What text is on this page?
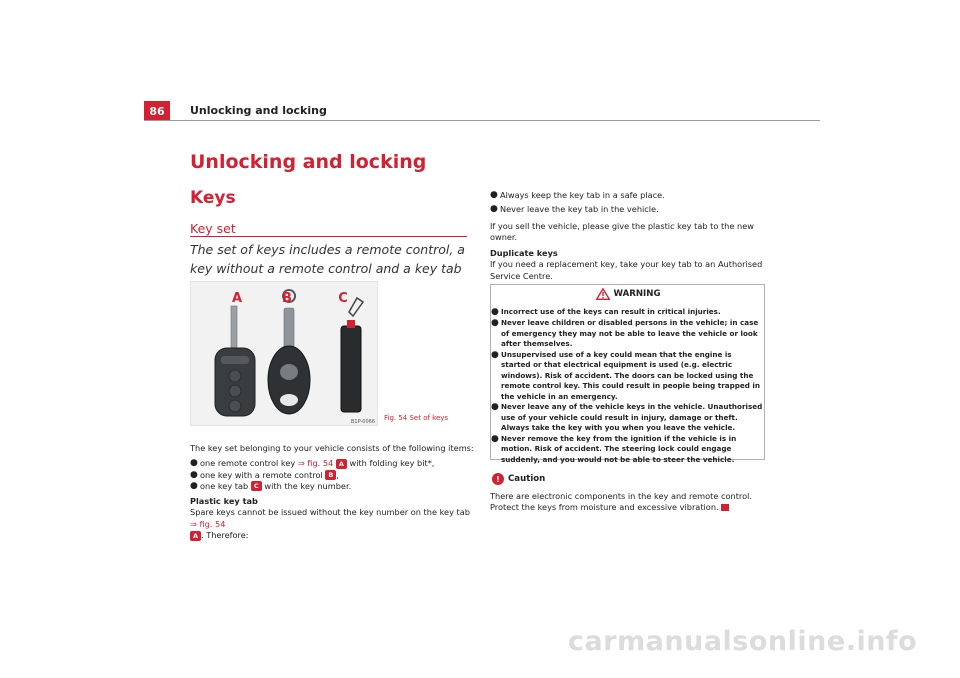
86	Unlocking and locking
Unlocking and locking
Keys
Key set
The set of keys includes a remote control, a key without a remote control and a key tab
A	B	C
B1P-0066 Fig. 54 Set of keys

The key set belonging to your vehicle consists of the following items:

● one remote control key ⇒ fig. 54 A with folding key bit*,
● one key with a remote control B ,
● one key tab C with the key number.

Plastic key tab

Spare keys cannot be issued without the key number on the key tab ⇒ fig. 54
A . Therefore:

● Always keep the key tab in a safe place.
● Never leave the key tab in the vehicle.

If you sell the vehicle, please give the plastic key tab to the new owner.

Duplicate keys

If you need a replacement key, take your key tab to an Authorised Service Centre.

WARNING
● Incorrect use of the keys can result in critical injuries.
● Never leave children or disabled persons in the vehicle; in case of emergency they may not be able to leave the vehicle or look after themselves.
● Unsupervised use of a key could mean that the engine is started or that electrical equipment is used (e.g. electric windows). Risk of accident. The doors can be locked using the remote control key. This could result in people being trapped in the vehicle in an emergency.
● Never leave any of the vehicle keys in the vehicle. Unauthorised use of your vehicle could result in injury, damage or theft. Always take the key with you when you leave the vehicle.
● Never remove the key from the ignition if the vehicle is in motion. Risk of accident. The steering lock could engage suddenly, and you would not be able to steer the vehicle.
! Caution
There are electronic components in the key and remote control. Protect the keys from moisture and excessive vibration.
carmanualsonline.info
